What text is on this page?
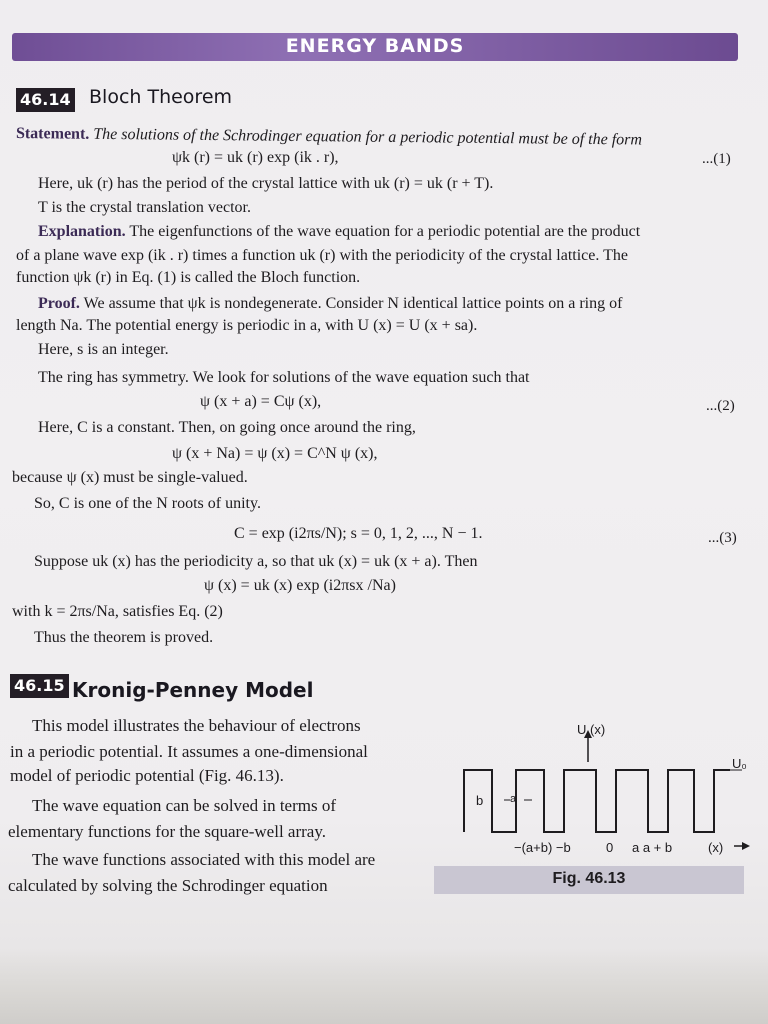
ENERGY BANDS
46.14 Bloch Theorem
Statement. The solutions of the Schrodinger equation for a periodic potential must be of the form
ψk (r) = uk (r) exp (ik . r),	...(1)
Here, uk (r) has the period of the crystal lattice with uk (r) = uk (r + T).
T is the crystal translation vector.
Explanation. The eigenfunctions of the wave equation for a periodic potential are the product
of a plane wave exp (ik . r) times a function uk (r) with the periodicity of the crystal lattice. The
function ψk (r) in Eq. (1) is called the Bloch function.
Proof. We assume that ψk is nondegenerate. Consider N identical lattice points on a ring of
length Na. The potential energy is periodic in a, with U (x) = U (x + sa).
Here, s is an integer.
The ring has symmetry. We look for solutions of the wave equation such that
ψ (x + a) = Cψ (x),	...(2)
Here, C is a constant. Then, on going once around the ring,
ψ (x + Na) = ψ (x) = C^N ψ (x),
because ψ (x) must be single-valued.
So, C is one of the N roots of unity.
C = exp (i2πs/N); s = 0, 1, 2, ..., N − 1.	...(3)
Suppose uk (x) has the periodicity a, so that uk (x) = uk (x + a). Then
ψ (x) = uk (x) exp (i2πsx /Na)
with k = 2πs/Na, satisfies Eq. (2)
Thus the theorem is proved.
46.15 Kronig-Penney Model
This model illustrates the behaviour of electrons
in a periodic potential. It assumes a one-dimensional
model of periodic potential (Fig. 46.13).
The wave equation can be solved in terms of
elementary functions for the square-well array.
The wave functions associated with this model are
calculated by solving the Schrodinger equation
U (x)
U₀
b a
−(a+b) −b	0 a a + b	(x)
Fig. 46.13
